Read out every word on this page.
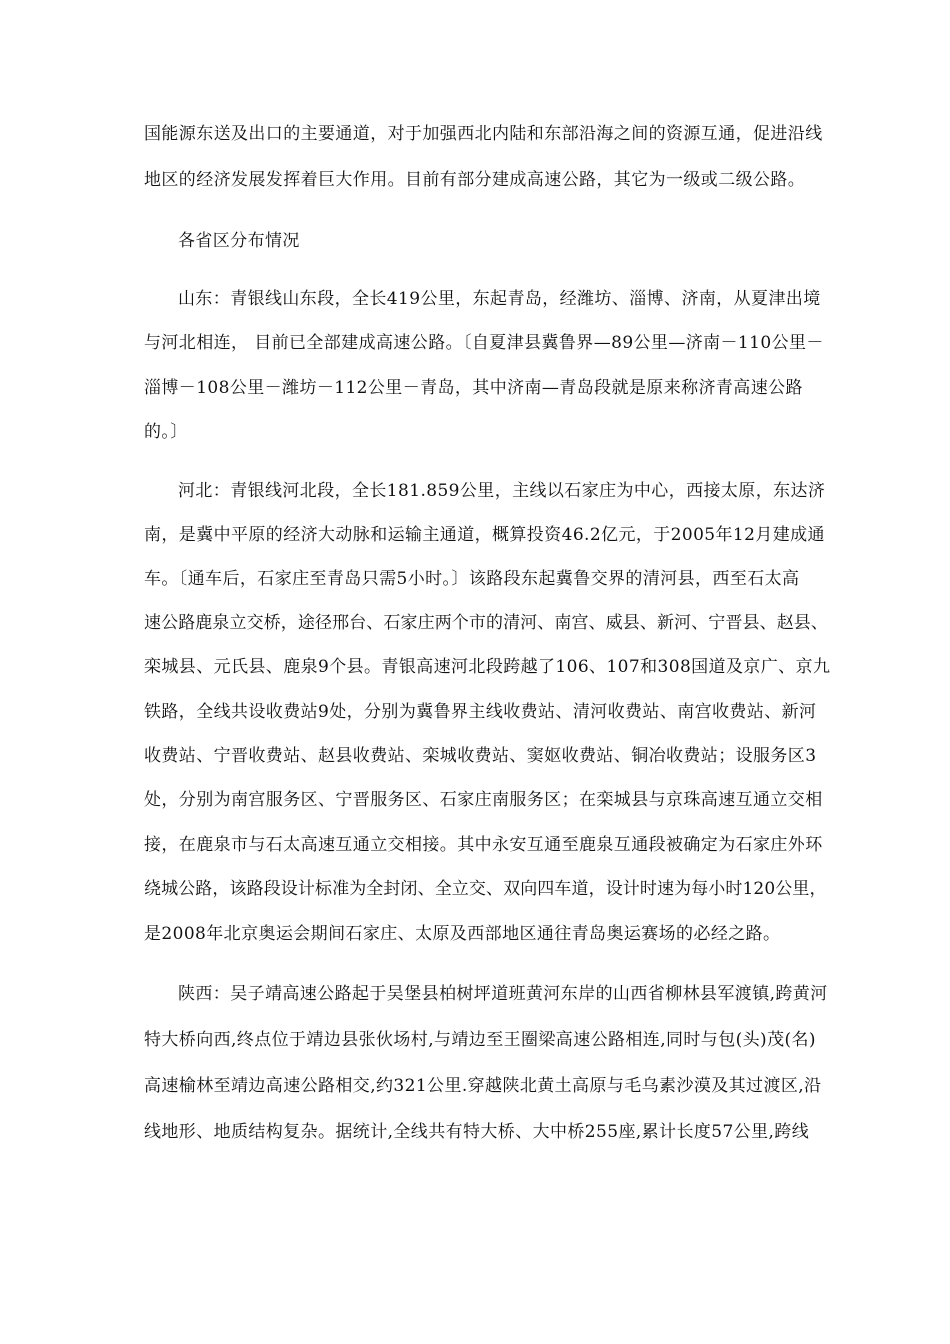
国能源东送及出口的主要通道，对于加强西北内陆和东部沿海之间的资源互通，促进沿线
地区的经济发展发挥着巨大作用。目前有部分建成高速公路，其它为一级或二级公路。
各省区分布情况
山东：青银线山东段，全长419公里，东起青岛，经潍坊、淄博、济南，从夏津出境
与河北相连， 目前已全部建成高速公路。〔自夏津县冀鲁界—89公里—济南－110公里－
淄博－108公里－潍坊－112公里－青岛，其中济南—青岛段就是原来称济青高速公路
的。〕
河北：青银线河北段，全长181.859公里，主线以石家庄为中心，西接太原，东达济
南，是冀中平原的经济大动脉和运输主通道，概算投资46.2亿元，于2005年12月建成通
车。〔通车后，石家庄至青岛只需5小时。〕该路段东起冀鲁交界的清河县，西至石太高
速公路鹿泉立交桥，途径邢台、石家庄两个市的清河、南宫、威县、新河、宁晋县、赵县、
栾城县、元氏县、鹿泉9个县。青银高速河北段跨越了106、107和308国道及京广、京九
铁路，全线共设收费站9处，分别为冀鲁界主线收费站、清河收费站、南宫收费站、新河
收费站、宁晋收费站、赵县收费站、栾城收费站、窦妪收费站、铜冶收费站；设服务区3
处，分别为南宫服务区、宁晋服务区、石家庄南服务区；在栾城县与京珠高速互通立交相
接，在鹿泉市与石太高速互通立交相接。其中永安互通至鹿泉互通段被确定为石家庄外环
绕城公路，该路段设计标准为全封闭、全立交、双向四车道，设计时速为每小时120公里，
是2008年北京奥运会期间石家庄、太原及西部地区通往青岛奥运赛场的必经之路。
陕西：吴子靖高速公路起于吴堡县柏树坪道班黄河东岸的山西省柳林县军渡镇,跨黄河
特大桥向西,终点位于靖边县张伙场村,与靖边至王圈梁高速公路相连,同时与包(头)茂(名)
高速榆林至靖边高速公路相交,约321公里.穿越陕北黄土高原与毛乌素沙漠及其过渡区,沿
线地形、地质结构复杂。据统计,全线共有特大桥、大中桥255座,累计长度57公里,跨线
